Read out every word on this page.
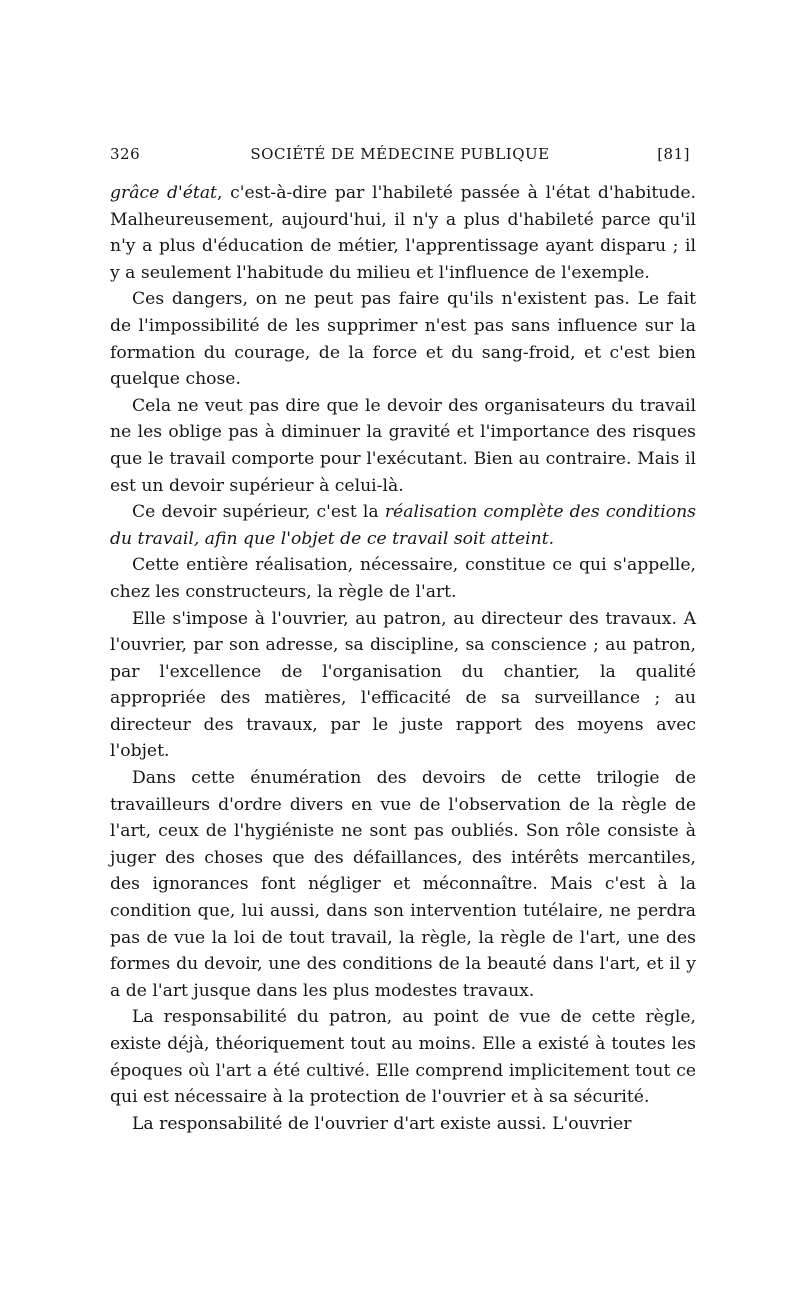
326	SOCIÉTÉ DE MÉDECINE PUBLIQUE	[81]

grâce d'état, c'est-à-dire par l'habileté passée à l'état d'habitude. Malheureusement, aujourd'hui, il n'y a plus d'habileté parce qu'il n'y a plus d'éducation de métier, l'apprentissage ayant disparu ; il y a seulement l'habitude du milieu et l'influence de l'exemple.

Ces dangers, on ne peut pas faire qu'ils n'existent pas. Le fait de l'impossibilité de les supprimer n'est pas sans influence sur la formation du courage, de la force et du sang-froid, et c'est bien quelque chose.

Cela ne veut pas dire que le devoir des organisateurs du travail ne les oblige pas à diminuer la gravité et l'importance des risques que le travail comporte pour l'exécutant. Bien au contraire. Mais il est un devoir supérieur à celui-là.

Ce devoir supérieur, c'est la réalisation complète des conditions du travail, afin que l'objet de ce travail soit atteint.

Cette entière réalisation, nécessaire, constitue ce qui s'appelle, chez les constructeurs, la règle de l'art.

Elle s'impose à l'ouvrier, au patron, au directeur des travaux. A l'ouvrier, par son adresse, sa discipline, sa conscience ; au patron, par l'excellence de l'organisation du chantier, la qualité appropriée des matières, l'efficacité de sa surveillance ; au directeur des travaux, par le juste rapport des moyens avec l'objet.

Dans cette énumération des devoirs de cette trilogie de travailleurs d'ordre divers en vue de l'observation de la règle de l'art, ceux de l'hygiéniste ne sont pas oubliés. Son rôle consiste à juger des choses que des défaillances, des intérêts mercantiles, des ignorances font négliger et méconnaître. Mais c'est à la condition que, lui aussi, dans son intervention tutélaire, ne perdra pas de vue la loi de tout travail, la règle, la règle de l'art, une des formes du devoir, une des conditions de la beauté dans l'art, et il y a de l'art jusque dans les plus modestes travaux.

La responsabilité du patron, au point de vue de cette règle, existe déjà, théoriquement tout au moins. Elle a existé à toutes les époques où l'art a été cultivé. Elle comprend implicitement tout ce qui est nécessaire à la protection de l'ouvrier et à sa sécurité.

La responsabilité de l'ouvrier d'art existe aussi. L'ouvrier
